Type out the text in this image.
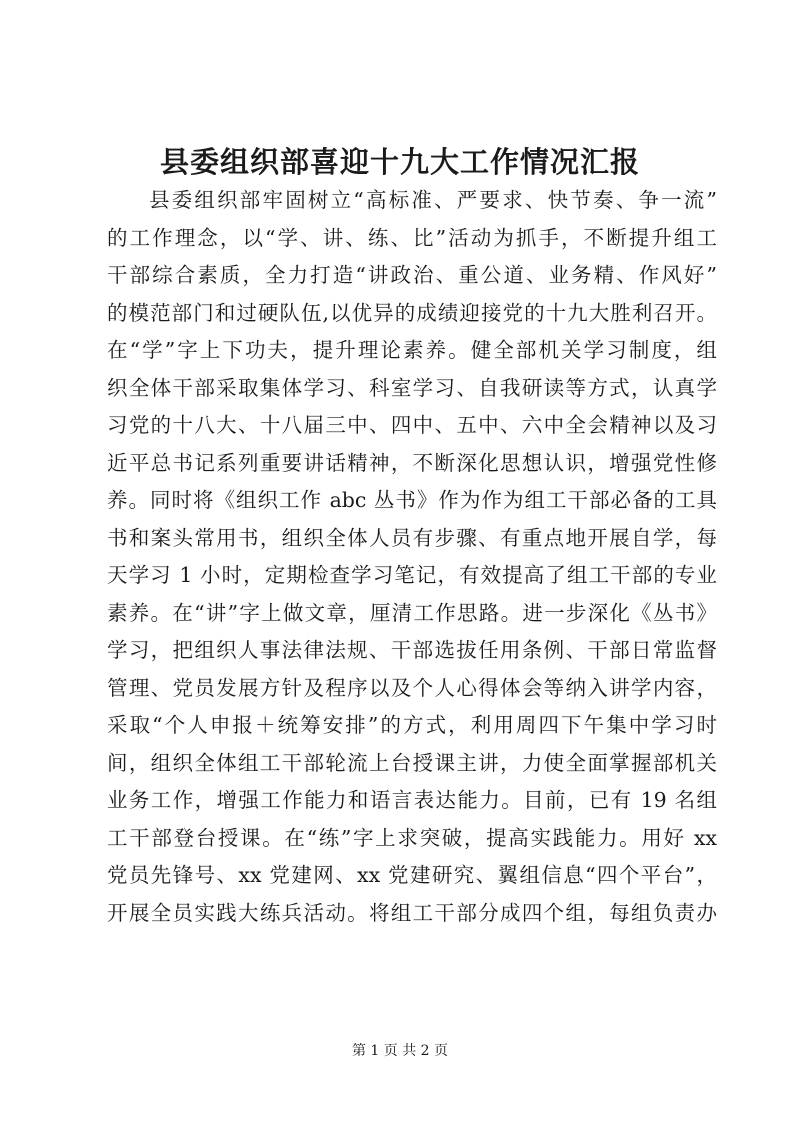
县委组织部喜迎十九大工作情况汇报
县委组织部牢固树立“高标准、严要求、快节奏、争一流”
的工作理念，以“学、讲、练、比”活动为抓手，不断提升组工
干部综合素质，全力打造“讲政治、重公道、业务精、作风好”
的模范部门和过硬队伍,以优异的成绩迎接党的十九大胜利召开。
在“学”字上下功夫，提升理论素养。健全部机关学习制度，组
织全体干部采取集体学习、科室学习、自我研读等方式，认真学
习党的十八大、十八届三中、四中、五中、六中全会精神以及习
近平总书记系列重要讲话精神，不断深化思想认识，增强党性修
养。同时将《组织工作 abc 丛书》作为作为组工干部必备的工具
书和案头常用书，组织全体人员有步骤、有重点地开展自学，每
天学习 1 小时，定期检查学习笔记，有效提高了组工干部的专业
素养。在“讲”字上做文章，厘清工作思路。进一步深化《丛书》
学习，把组织人事法律法规、干部选拔任用条例、干部日常监督
管理、党员发展方针及程序以及个人心得体会等纳入讲学内容，
采取“个人申报＋统筹安排”的方式，利用周四下午集中学习时
间，组织全体组工干部轮流上台授课主讲，力使全面掌握部机关
业务工作，增强工作能力和语言表达能力。目前，已有 19 名组
工干部登台授课。在“练”字上求突破，提高实践能力。用好 xx
党员先锋号、xx 党建网、xx 党建研究、翼组信息“四个平台”，
开展全员实践大练兵活动。将组工干部分成四个组，每组负责办
第 1 页 共 2 页
